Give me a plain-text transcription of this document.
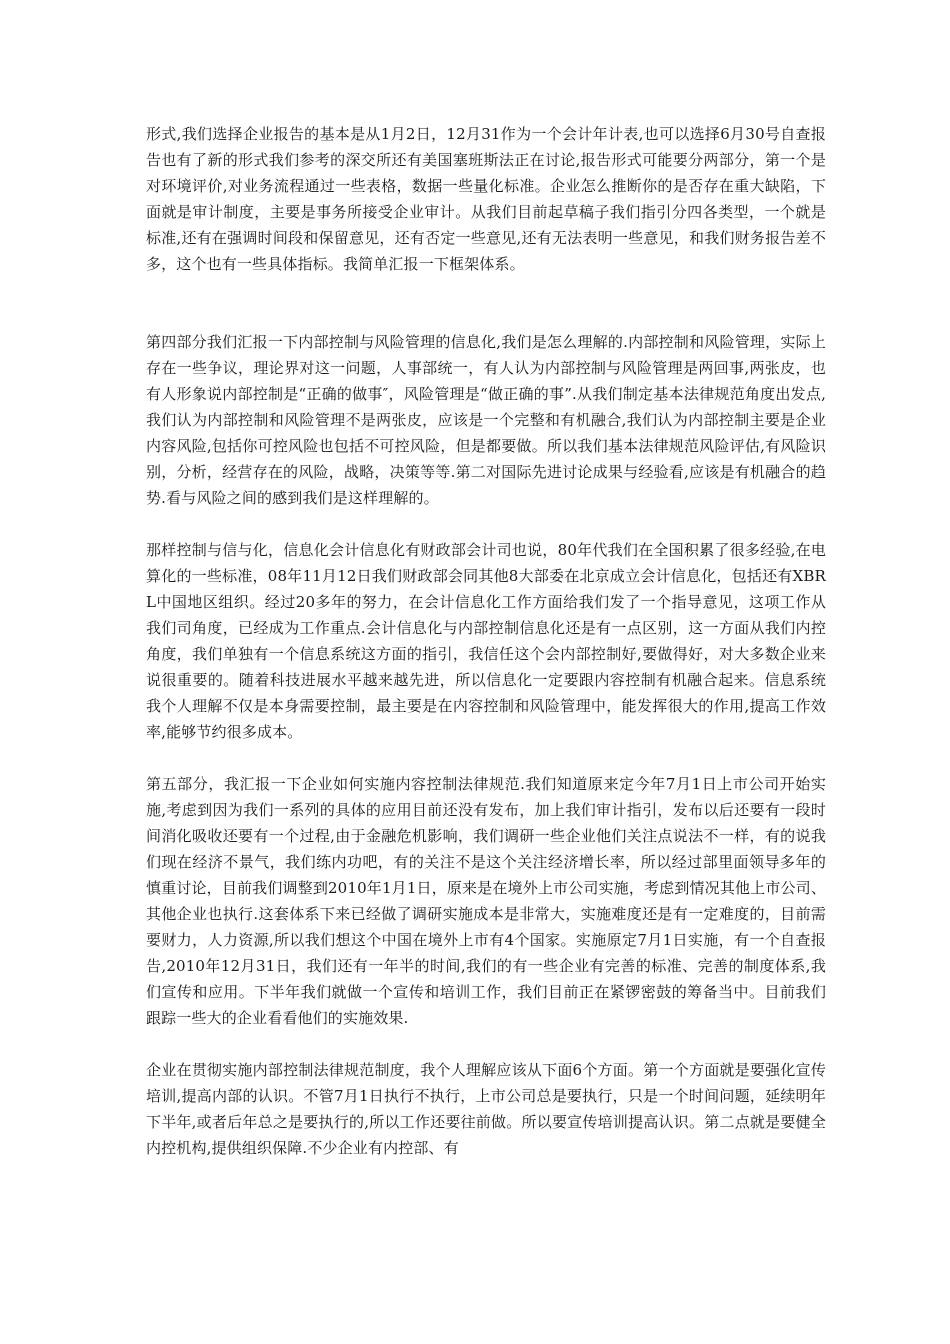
形式,我们选择企业报告的基本是从1月2日，12月31作为一个会计年计表,也可以选择6月30号自查报告也有了新的形式我们参考的深交所还有美国塞班斯法正在讨论,报告形式可能要分两部分，第一个是对环境评价,对业务流程通过一些表格，数据一些量化标准。企业怎么推断你的是否存在重大缺陷，下面就是审计制度，主要是事务所接受企业审计。从我们目前起草稿子我们指引分四各类型，一个就是标准,还有在强调时间段和保留意见，还有否定一些意见,还有无法表明一些意见，和我们财务报告差不多，这个也有一些具体指标。我简单汇报一下框架体系。

第四部分我们汇报一下内部控制与风险管理的信息化,我们是怎么理解的.内部控制和风险管理，实际上存在一些争议，理论界对这一问题，人事部统一，有人认为内部控制与风险管理是两回事,两张皮，也有人形象说内部控制是“正确的做事″，风险管理是“做正确的事”.从我们制定基本法律规范角度出发点,我们认为内部控制和风险管理不是两张皮，应该是一个完整和有机融合,我们认为内部控制主要是企业内容风险,包括你可控风险也包括不可控风险，但是都要做。所以我们基本法律规范风险评估,有风险识别，分析，经营存在的风险，战略，决策等等.第二对国际先进讨论成果与经验看,应该是有机融合的趋势.看与风险之间的感到我们是这样理解的。

那样控制与信与化，信息化会计信息化有财政部会计司也说，80年代我们在全国积累了很多经验,在电算化的一些标准，08年11月12日我们财政部会同其他8大部委在北京成立会计信息化，包括还有XBRL中国地区组织。经过20多年的努力，在会计信息化工作方面给我们发了一个指导意见，这项工作从我们司角度，已经成为工作重点.会计信息化与内部控制信息化还是有一点区别，这一方面从我们内控角度，我们单独有一个信息系统这方面的指引，我信任这个会内部控制好,要做得好，对大多数企业来说很重要的。随着科技进展水平越来越先进，所以信息化一定要跟内容控制有机融合起来。信息系统我个人理解不仅是本身需要控制，最主要是在内容控制和风险管理中，能发挥很大的作用,提高工作效率,能够节约很多成本。

第五部分，我汇报一下企业如何实施内容控制法律规范.我们知道原来定今年7月1日上市公司开始实施,考虑到因为我们一系列的具体的应用目前还没有发布，加上我们审计指引，发布以后还要有一段时间消化吸收还要有一个过程,由于金融危机影响，我们调研一些企业他们关注点说法不一样，有的说我们现在经济不景气，我们练内功吧，有的关注不是这个关注经济增长率，所以经过部里面领导多年的慎重讨论，目前我们调整到2010年1月1日，原来是在境外上市公司实施，考虑到情况其他上市公司、其他企业也执行.这套体系下来已经做了调研实施成本是非常大，实施难度还是有一定难度的，目前需要财力，人力资源,所以我们想这个中国在境外上市有4个国家。实施原定7月1日实施，有一个自查报告,2010年12月31日，我们还有一年半的时间,我们的有一些企业有完善的标准、完善的制度体系,我们宣传和应用。下半年我们就做一个宣传和培训工作，我们目前正在紧锣密鼓的筹备当中。目前我们跟踪一些大的企业看看他们的实施效果.

企业在贯彻实施内部控制法律规范制度，我个人理解应该从下面6个方面。第一个方面就是要强化宣传培训,提高内部的认识。不管7月1日执行不执行，上市公司总是要执行，只是一个时间问题，延续明年下半年,或者后年总之是要执行的,所以工作还要往前做。所以要宣传培训提高认识。第二点就是要健全内控机构,提供组织保障.不少企业有内控部、有
